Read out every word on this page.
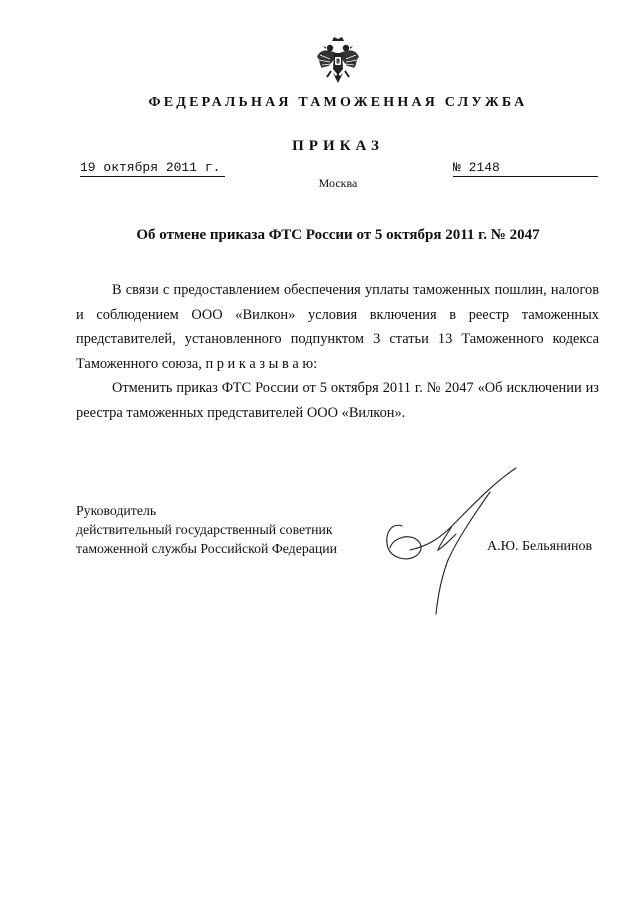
ФЕДЕРАЛЬНАЯ ТАМОЖЕННАЯ СЛУЖБА
ПРИКАЗ
19 октября 2011 г.	№ 2148
Москва
Об отмене приказа ФТС России от 5 октября 2011 г. № 2047

В связи с предоставлением обеспечения уплаты таможенных пошлин, налогов и соблюдением ООО «Вилкон» условия включения в реестр таможенных представителей, установленного подпунктом 3 статьи 13 Таможенного кодекса Таможенного союза, п р и к а з ы в а ю:

Отменить приказ ФТС России от 5 октября 2011 г. № 2047 «Об исключении из реестра таможенных представителей ООО «Вилкон».

Руководитель
действительный государственный советник
таможенной службы Российской Федерации	А.Ю. Бельянинов
